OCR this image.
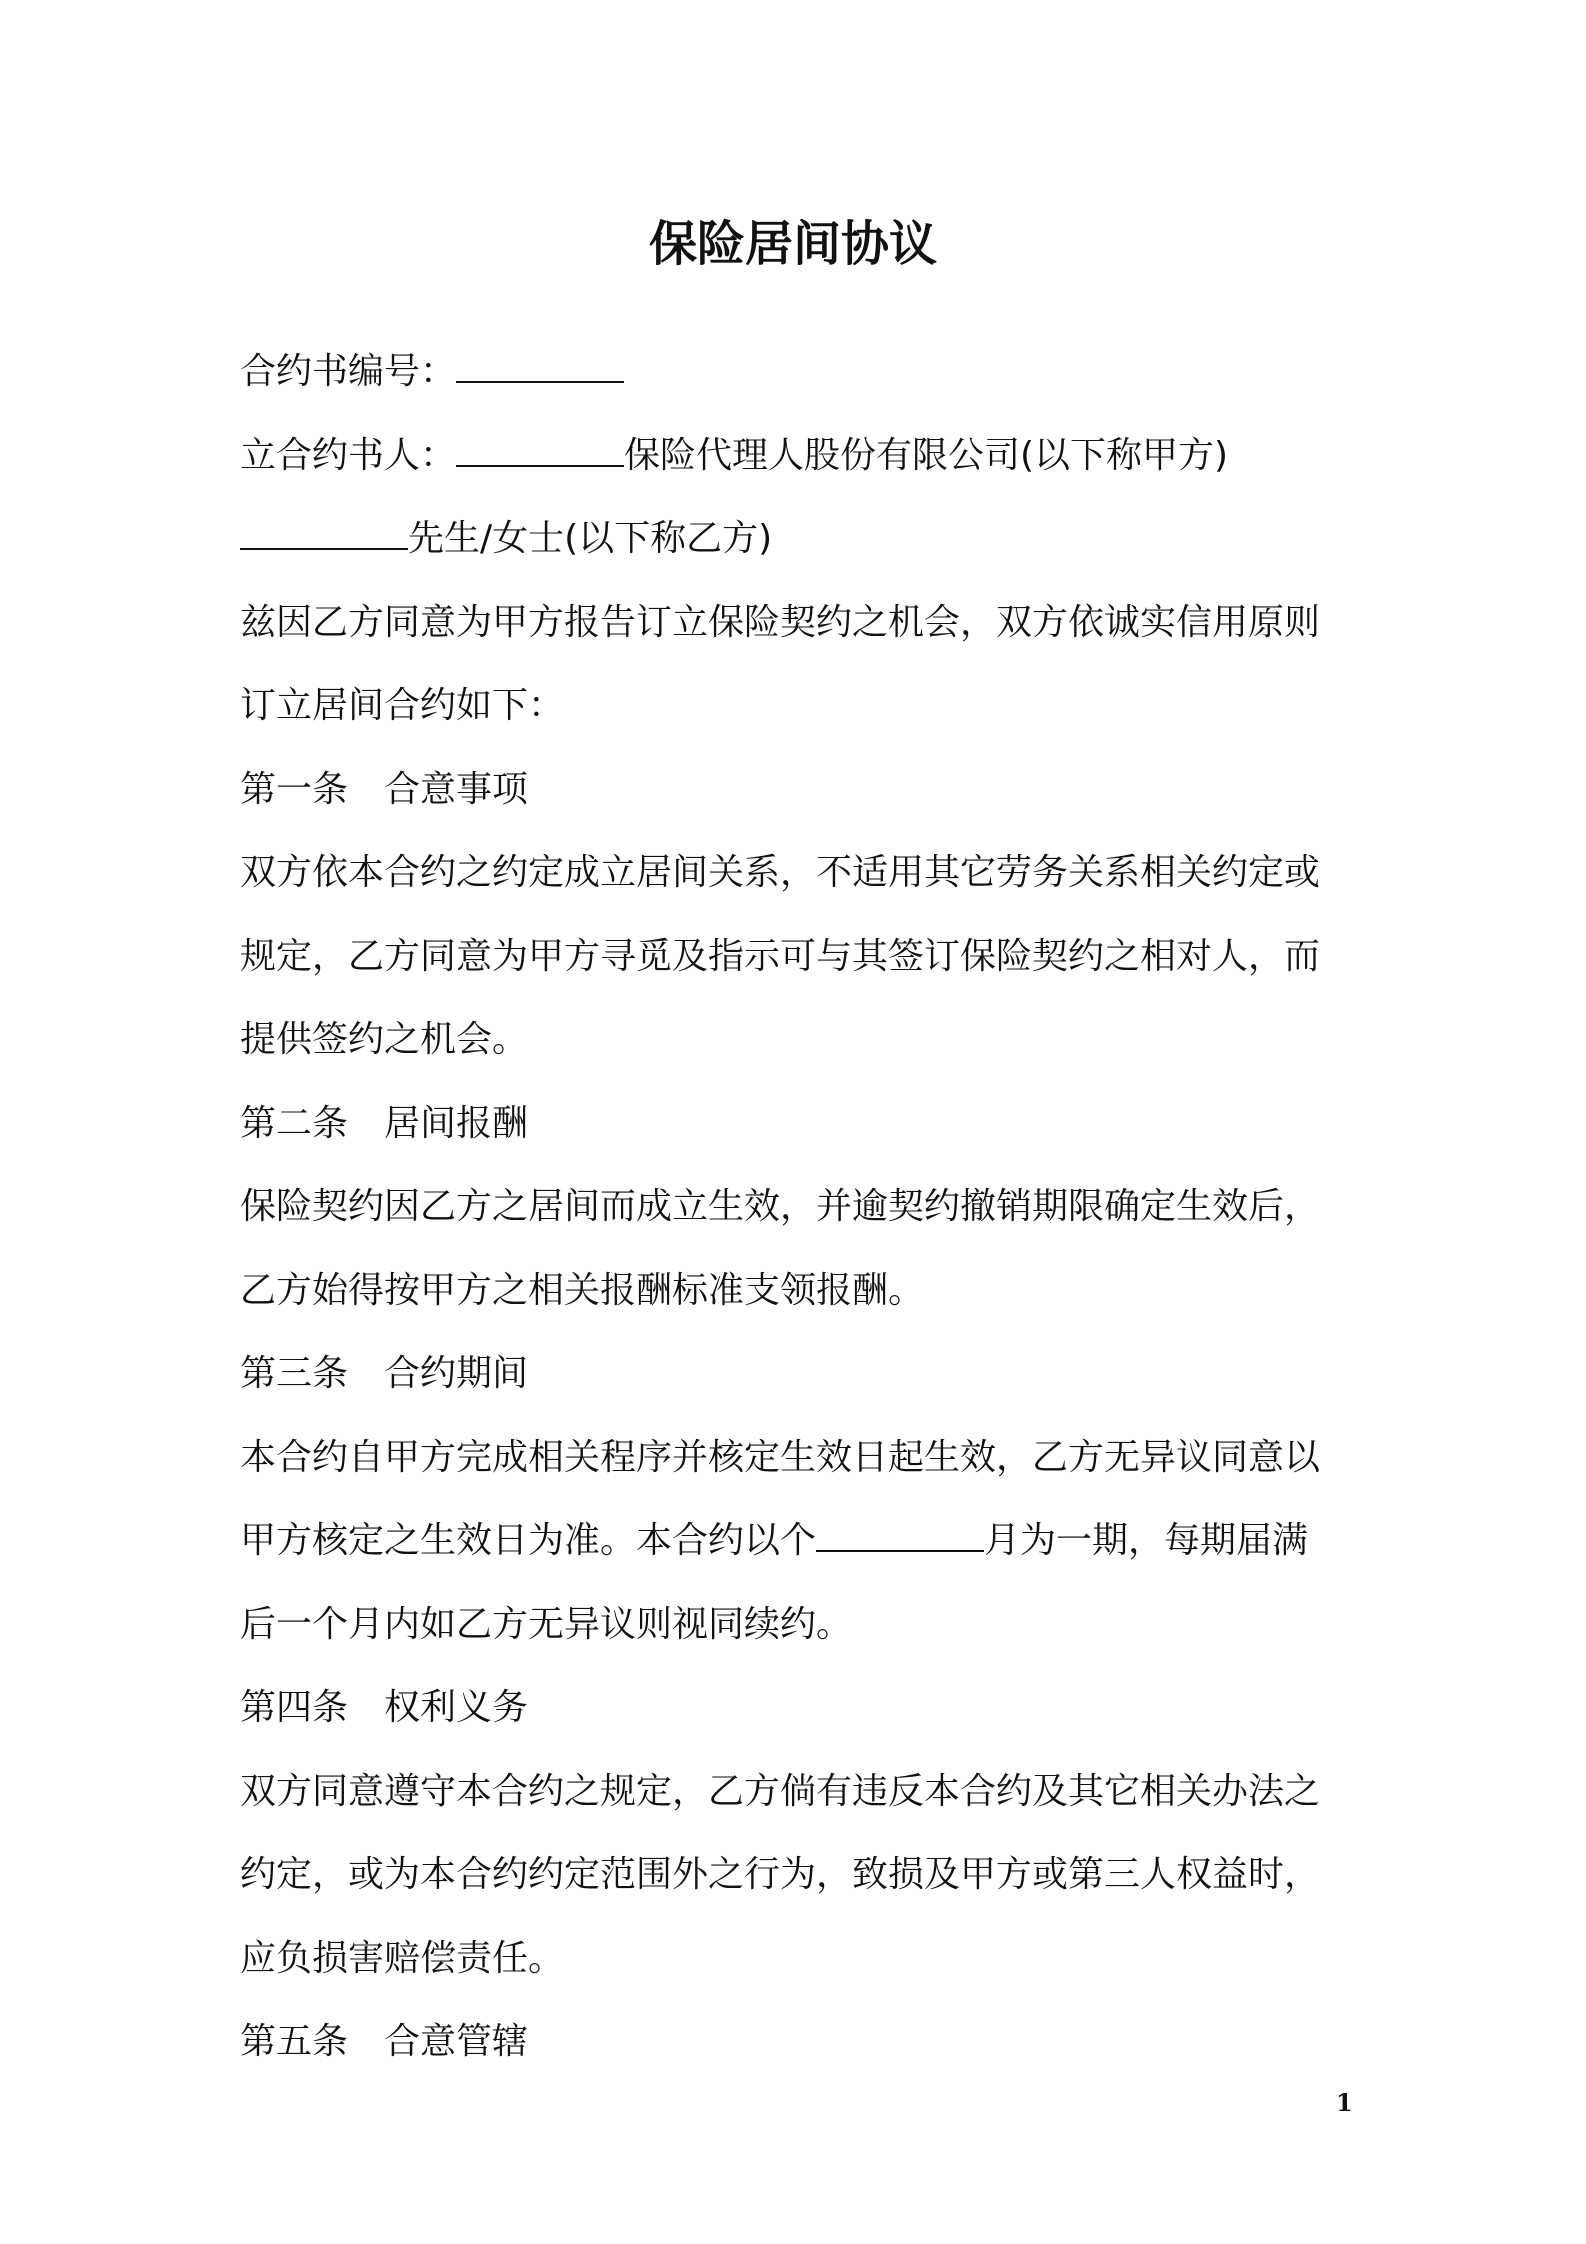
保险居间协议
合约书编号：
立合约书人：	保险代理人股份有限公司(以下称甲方)
先生/女士(以下称乙方)
兹因乙方同意为甲方报告订立保险契约之机会，双方依诚实信用原则
订立居间合约如下：
第一条 合意事项
双方依本合约之约定成立居间关系，不适用其它劳务关系相关约定或
规定，乙方同意为甲方寻觅及指示可与其签订保险契约之相对人，而
提供签约之机会。
第二条 居间报酬
保险契约因乙方之居间而成立生效，并逾契约撤销期限确定生效后，
乙方始得按甲方之相关报酬标准支领报酬。
第三条 合约期间
本合约自甲方完成相关程序并核定生效日起生效，乙方无异议同意以
甲方核定之生效日为准。本合约以个	月为一期，每期届满
后一个月内如乙方无异议则视同续约。
第四条 权利义务
双方同意遵守本合约之规定，乙方倘有违反本合约及其它相关办法之
约定，或为本合约约定范围外之行为，致损及甲方或第三人权益时，
应负损害赔偿责任。
第五条 合意管辖
1
